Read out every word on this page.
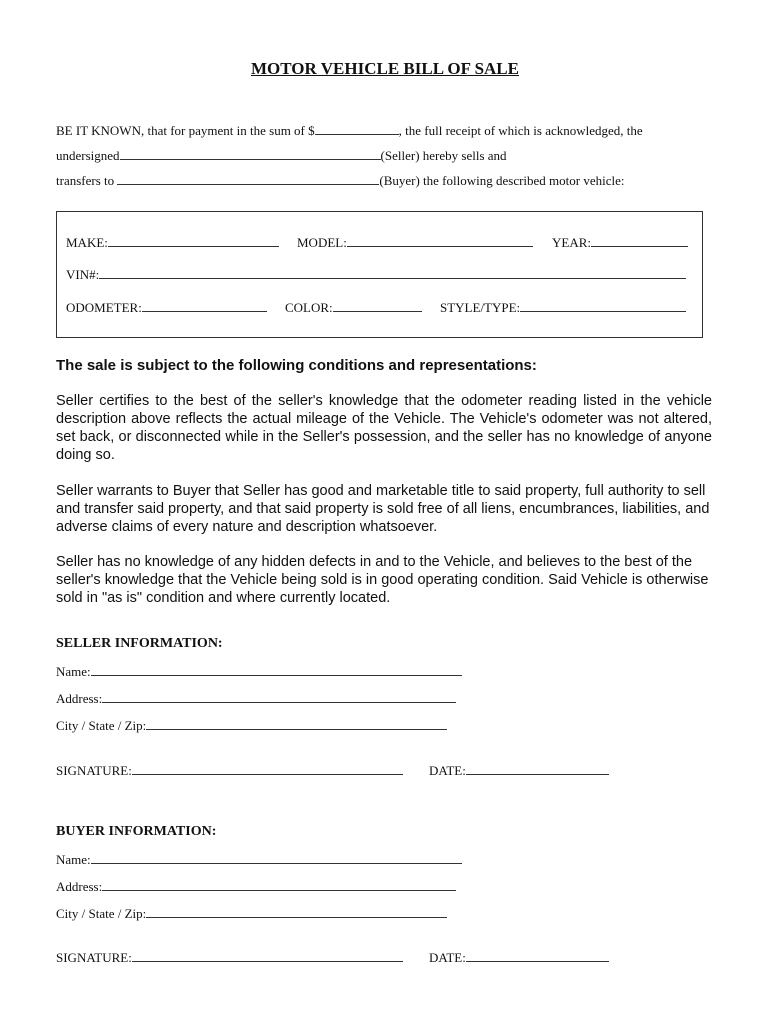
MOTOR VEHICLE BILL OF SALE
BE IT KNOWN, that for payment in the sum of $	, the full receipt of which is acknowledged, the
undersigned	(Seller) hereby sells and
transfers to	(Buyer) the following described motor vehicle:
MAKE:	MODEL:	YEAR:
VIN#:
ODOMETER:	COLOR:	STYLE/TYPE:
The sale is subject to the following conditions and representations:
Seller certifies to the best of the seller's knowledge that the odometer reading listed in the vehicle description above reflects the actual mileage of the Vehicle. The Vehicle's odometer was not altered, set back, or disconnected while in the Seller's possession, and the seller has no knowledge of anyone doing so.
Seller warrants to Buyer that Seller has good and marketable title to said property, full authority to sell and transfer said property, and that said property is sold free of all liens, encumbrances, liabilities, and adverse claims of every nature and description whatsoever.
Seller has no knowledge of any hidden defects in and to the Vehicle, and believes to the best of the seller's knowledge that the Vehicle being sold is in good operating condition. Said Vehicle is otherwise sold in "as is" condition and where currently located.
SELLER INFORMATION:
Name:
Address:
City / State / Zip:
SIGNATURE:	DATE:
BUYER INFORMATION:
Name:
Address:
City / State / Zip:
SIGNATURE:	DATE:
